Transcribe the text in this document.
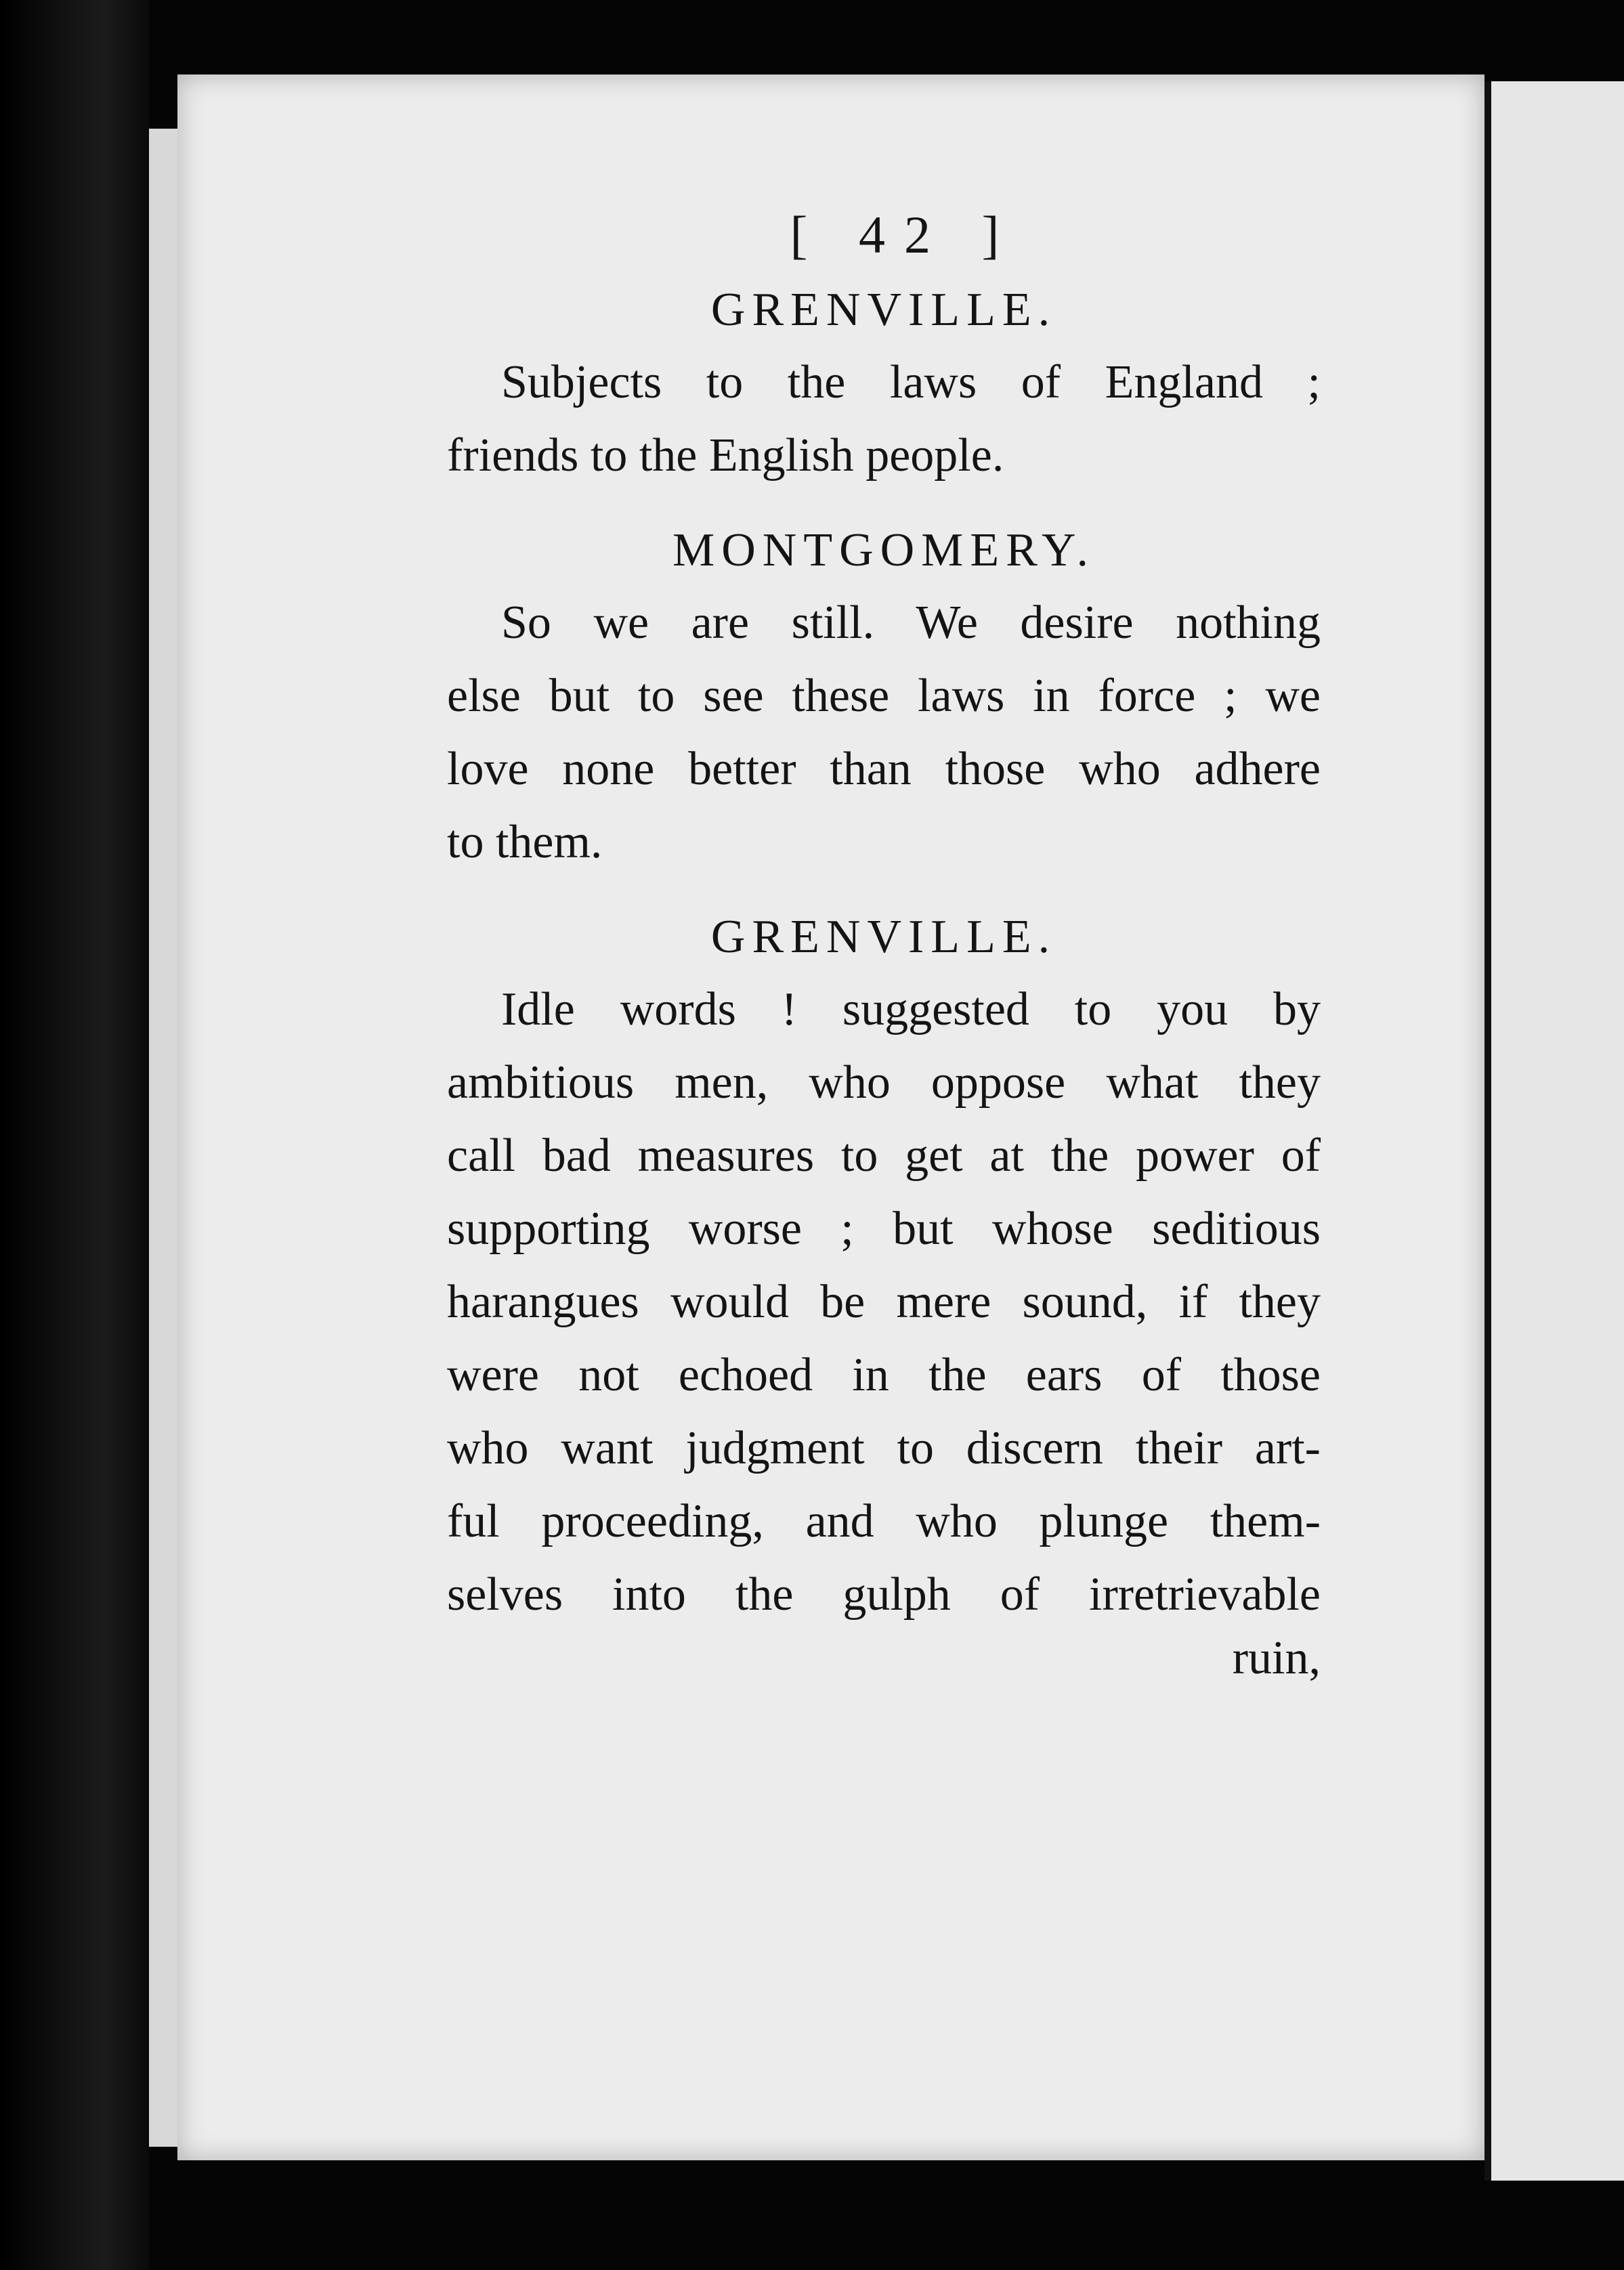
[ 42 ]
GRENVILLE.
Subjects to the laws of England ;
friends to the English people.
MONTGOMERY.
So we are still. We desire nothing
else but to see these laws in force ; we
love none better than those who adhere
to them.
GRENVILLE.
Idle words ! suggested to you by
ambitious men, who oppose what they
call bad measures to get at the power of
supporting worse ; but whose seditious
harangues would be mere sound, if they
were not echoed in the ears of those
who want judgment to discern their art-
ful proceeding, and who plunge them-
selves into the gulph of irretrievable
ruin,
